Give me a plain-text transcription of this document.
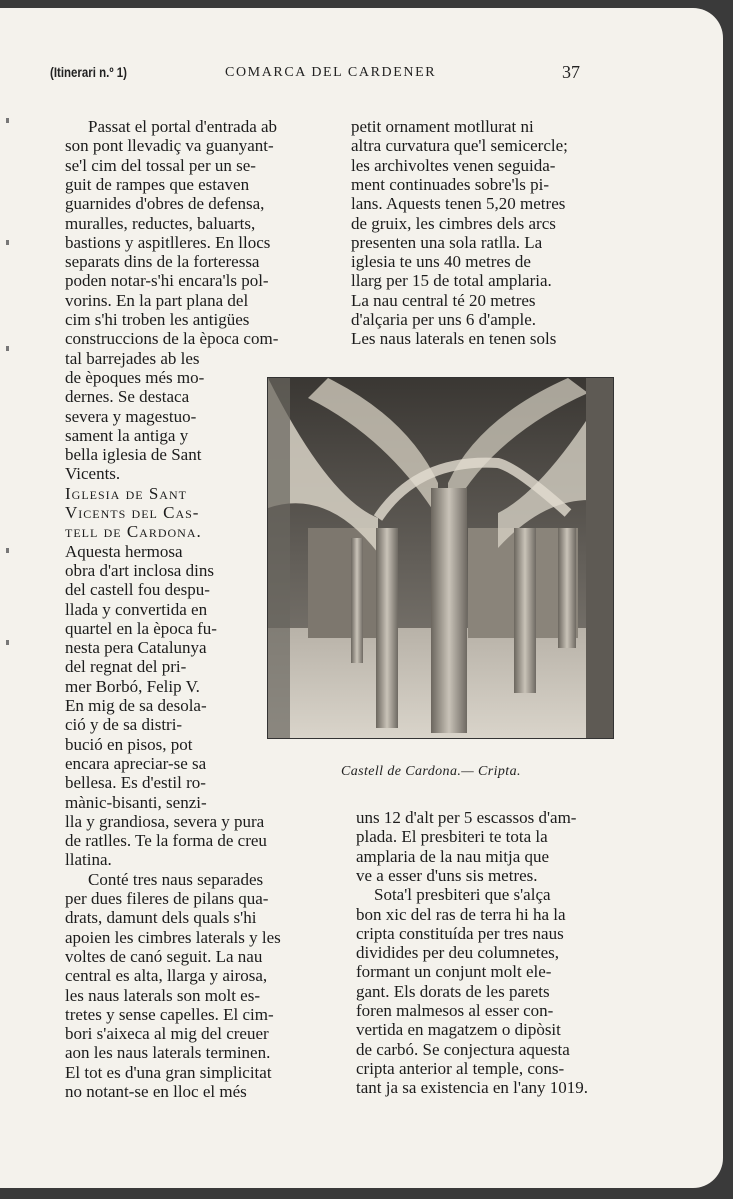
(Itinerari n.º 1)	COMARCA DEL CARDENER	37
Passat el portal d'entrada ab
son pont llevadiç va guanyant-
se'l cim del tossal per un se-
guit de rampes que estaven
guarnides d'obres de defensa,
muralles, reductes, baluarts,
bastions y aspitlleres. En llocs
separats dins de la forteressa
poden notar-s'hi encara'ls pol-
vorins. En la part plana del
cim s'hi troben les antigües
construccions de la època com-
tal barrejades ab les
de èpoques més mo-
dernes. Se destaca
severa y magestuo-
sament la antiga y
bella iglesia de Sant
Vicents.
Iglesia de Sant
Vicents del Cas-
tell de Cardona.
Aquesta hermosa
obra d'art inclosa dins
del castell fou despu-
llada y convertida en
quartel en la època fu-
nesta pera Catalunya
del regnat del pri-
mer Borbó, Felip V.
En mig de sa desola-
ció y de sa distri-
bució en pisos, pot
encara apreciar-se sa
bellesa. Es d'estil ro-
mànic-bisanti, senzi-
lla y grandiosa, severa y pura
de ratlles. Te la forma de creu
llatina.
Conté tres naus separades
per dues fileres de pilans qua-
drats, damunt dels quals s'hi
apoien les cimbres laterals y les
voltes de canó seguit. La nau
central es alta, llarga y airosa,
les naus laterals son molt es-
tretes y sense capelles. El cim-
bori s'aixeca al mig del creuer
aon les naus laterals terminen.
El tot es d'una gran simplicitat
no notant-se en lloc el més
petit ornament motllurat ni
altra curvatura que'l semicercle;
les archivoltes venen seguida-
ment continuades sobre'ls pi-
lans. Aquests tenen 5,20 metres
de gruix, les cimbres dels arcs
presenten una sola ratlla. La
iglesia te uns 40 metres de
llarg per 15 de total amplaria.
La nau central té 20 metres
d'alçaria per uns 6 d'ample.
Les naus laterals en tenen sols
uns 12 d'alt per 5 escassos d'am-
plada. El presbiteri te tota la
amplaria de la nau mitja que
ve a esser d'uns sis metres.
Sota'l presbiteri que s'alça
bon xic del ras de terra hi ha la
cripta constituída per tres naus
dividides per deu columnetes,
formant un conjunt molt ele-
gant. Els dorats de les parets
foren malmesos al esser con-
vertida en magatzem o dipòsit
de carbó. Se conjectura aquesta
cripta anterior al temple, cons-
tant ja sa existencia en l'any 1019.
Castell de Cardona.— Cripta.
